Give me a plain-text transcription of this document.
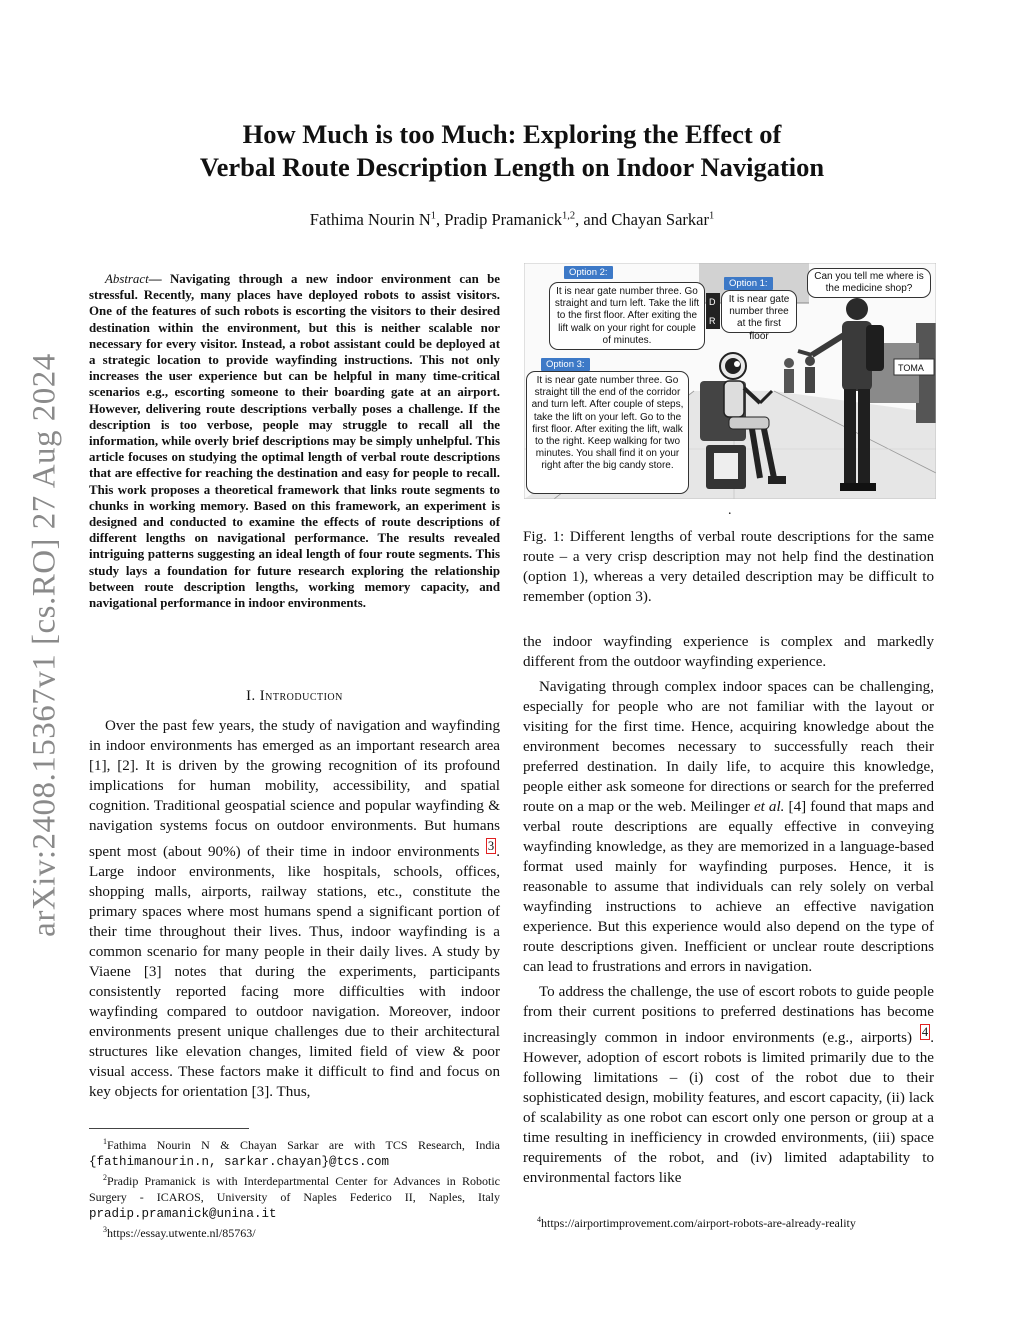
arXiv:2408.15367v1 [cs.RO] 27 Aug 2024
How Much is too Much: Exploring the Effect of
Verbal Route Description Length on Indoor Navigation
Fathima Nourin $N^1$, Pradip Pramanick$^{1,2}$, and Chayan Sarkar$^1$
Abstract— Navigating through a new indoor environment can be stressful. Recently, many places have deployed robots to assist visitors. One of the features of such robots is escorting the visitors to their desired destination within the environment, but this is neither scalable nor necessary for every visitor. Instead, a robot assistant could be deployed at a strategic location to provide wayfinding instructions. This not only increases the user experience but can be helpful in many time-critical scenarios e.g., escorting someone to their boarding gate at an airport. However, delivering route descriptions verbally poses a challenge. If the description is too verbose, people may struggle to recall all the information, while overly brief descriptions may be simply unhelpful. This article focuses on studying the optimal length of verbal route descriptions that are effective for reaching the destination and easy for people to recall. This work proposes a theoretical framework that links route segments to chunks in working memory. Based on this framework, an experiment is designed and conducted to examine the effects of route descriptions of different lengths on navigational performance. The results revealed intriguing patterns suggesting an ideal length of four route segments. This study lays a foundation for future research exploring the relationship between route description lengths, working memory capacity, and navigational performance in indoor environments.
I. Introduction

Over the past few years, the study of navigation and wayfinding in indoor environments has emerged as an important research area [1], [2]. It is driven by the growing recognition of its profound implications for human mobility, accessibility, and spatial cognition. Traditional geospatial science and popular wayfinding & navigation systems focus on outdoor environments. But humans spent most (about 90%) of their time in indoor environments $^3$ . Large indoor environments, like hospitals, schools, offices, shopping malls, airports, railway stations, etc., constitute the primary spaces where most humans spend a significant portion of their time throughout their lives. Thus, indoor wayfinding is a common scenario for many people in their daily lives. A study by Viaene [3] notes that during the experiments, participants consistently reported facing more difficulties with indoor wayfinding compared to outdoor navigation. Moreover, indoor environments present unique challenges due to their architectural structures like elevation changes, limited field of view & poor visual access. These factors make it difficult to find and focus on key objects for orientation [3]. Thus,

$^1$Fathima Nourin N & Chayan Sarkar are with TCS Research, India {fathimanourin.n, sarkar.chayan}@tcs.com

$^2$Pradip Pramanick is with Interdepartmental Center for Advances in Robotic Surgery - ICAROS, University of Naples Federico II, Naples, Italy pradip.pramanick@unina.it

$^3$https://essay.utwente.nl/85763/

TOMA
D
R
Option 2:
It is near gate number three. Go straight and turn left. Take the lift to the first floor. After exiting the lift walk on your right for couple of minutes.
Option 1:
It is near gate number three at the first floor
Can you tell me where is the medicine shop?
Option 3:
It is near gate number three. Go straight till the end of the corridor and turn left. After couple of steps, take the lift on your left. Go to the first floor. After exiting the lift, walk to the right. Keep walking for two minutes. You shall find it on your right after the big candy store.
.

Fig. 1: Different lengths of verbal route descriptions for the same route – a very crisp description may not help find the destination (option 1), whereas a very detailed description may be difficult to remember (option 3).

the indoor wayfinding experience is complex and markedly different from the outdoor wayfinding experience.

Navigating through complex indoor spaces can be challenging, especially for people who are not familiar with the layout or visiting for the first time. Hence, acquiring knowledge about the environment becomes necessary to successfully reach their preferred destination. In daily life, to acquire this knowledge, people either ask someone for directions or search for the preferred route on a map or the web. Meilinger et al. [4] found that maps and verbal route descriptions are equally effective in conveying wayfinding knowledge, as they are memorized in a language-based format used mainly for wayfinding purposes. Hence, it is reasonable to assume that individuals can rely solely on verbal wayfinding instructions to achieve an effective navigation experience. But this experience would also depend on the type of route descriptions given. Inefficient or unclear route descriptions can lead to frustrations and errors in navigation.

To address the challenge, the use of escort robots to guide people from their current positions to preferred destinations has become increasingly common in indoor environments (e.g., airports) $^4$ . However, adoption of escort robots is limited primarily due to the following limitations – (i) cost of the robot due to their sophisticated design, mobility features, and escort capacity, (ii) lack of scalability as one robot can escort only one person or group at a time resulting in inefficiency in crowded environments, (iii) space requirements of the robot, and (iv) limited adaptability to environmental factors like

$^4$https://airportimprovement.com/airport-robots-are-already-reality
